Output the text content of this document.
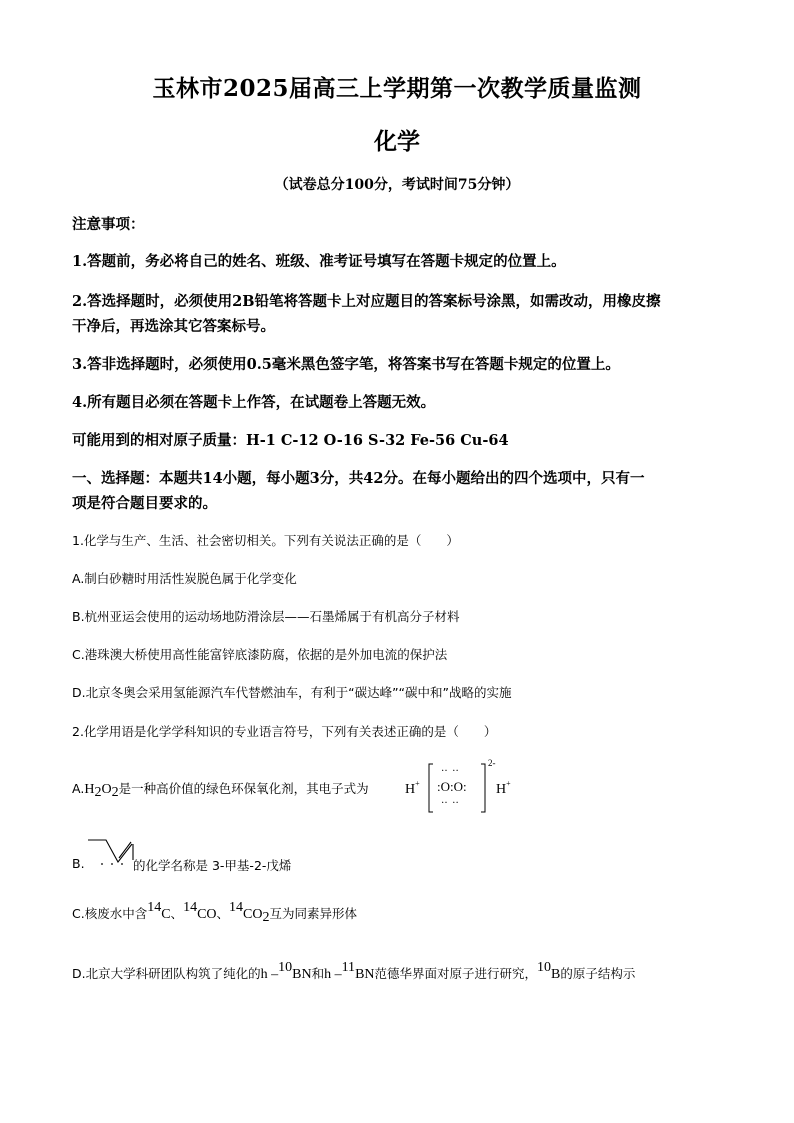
玉林市2025届高三上学期第一次教学质量监测
化学
（试卷总分100分，考试时间75分钟）
注意事项：
1.答题前，务必将自己的姓名、班级、准考证号填写在答题卡规定的位置上。
2.答选择题时，必须使用2B铅笔将答题卡上对应题目的答案标号涂黑，如需改动，用橡皮擦
干净后，再选涂其它答案标号。
3.答非选择题时，必须使用0.5毫米黑色签字笔，将答案书写在答题卡规定的位置上。
4.所有题目必须在答题卡上作答，在试题卷上答题无效。
可能用到的相对原子质量：H-1 C-12 O-16 S-32 Fe-56 Cu-64
一、选择题：本题共14小题，每小题3分，共42分。在每小题给出的四个选项中，只有一
项是符合题目要求的。
1.化学与生产、生活、社会密切相关。下列有关说法正确的是（　　）
A.制白砂糖时用活性炭脱色属于化学变化
B.杭州亚运会使用的运动场地防滑涂层——石墨烯属于有机高分子材料
C.港珠澳大桥使用高性能富锌底漆防腐，依据的是外加电流的保护法
D.北京冬奥会采用氢能源汽车代替燃油车，有利于“碳达峰”“碳中和”战略的实施
2.化学用语是化学学科知识的专业语言符号，下列有关表述正确的是（　　）
A.H2O2是一种高价值的绿色环保氧化剂，其电子式为	H+
‥ ‥
:O:O:
‥ ‥
2-
H+
B.	的化学名称是 3-甲基-2-戊烯
C.核废水中含14C、14CO、14CO2互为同素异形体
D.北京大学科研团队构筑了纯化的h –10BN和h –11BN范德华界面对原子进行研究，10B的原子结构示
